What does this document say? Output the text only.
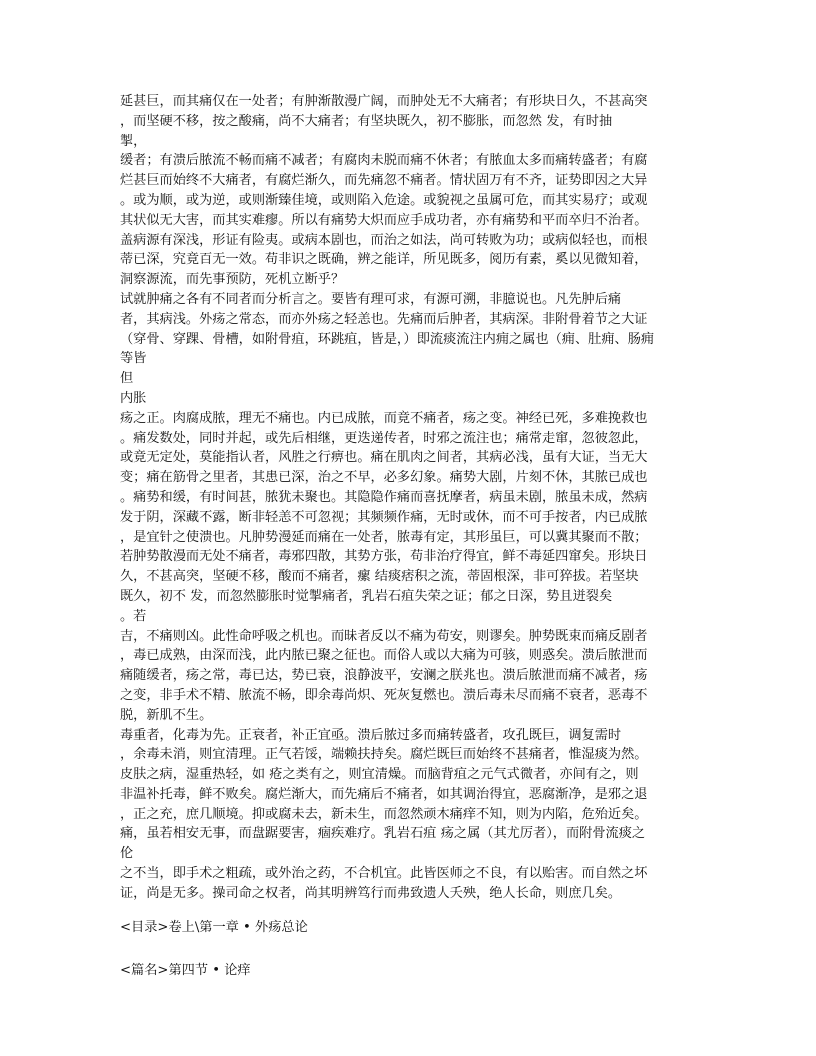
延甚巨，而其痛仅在一处者；有肿渐散漫广阔，而肿处无不大痛者；有形块日久，不甚高突
，而坚硬不移，按之酸痛，尚不大痛者；有坚块既久，初不膨胀，而忽然 发，有时抽
掣，
缓者；有溃后脓流不畅而痛不减者；有腐肉未脱而痛不休者；有脓血太多而痛转盛者；有腐
烂甚巨而始终不大痛者，有腐烂渐久，而先痛忽不痛者。情状固万有不齐，证势即因之大异
。或为顺，或为逆，或则渐臻佳境，或则陷入危途。或貌视之虽属可危，而其实易疗；或观
其状似无大害，而其实难瘳。所以有痛势大炽而应手成功者，亦有痛势和平而卒归不治者。
盖病源有深浅，形证有险夷。或病本剧也，而治之如法，尚可转败为功；或病似轻也，而根
蒂已深，究竟百无一效。苟非识之既确，辨之能详，所见既多，阅历有素，奚以见微知着，
洞察源流，而先事预防，死机立断乎？
试就肿痛之各有不同者而分析言之。要皆有理可求，有源可溯，非臆说也。凡先肿后痛
者，其病浅。外疡之常态，而亦外疡之轻恙也。先痛而后肿者，其病深。非附骨着节之大证
（穿骨、穿踝、骨槽，如附骨疽，环跳疽，皆是，）即流痰流注内痈之属也（痈、肚痈、肠痈
等皆
但
内胀
疡之正。肉腐成脓，理无不痛也。内已成脓，而竟不痛者，疡之变。神经已死，多难挽救也
。痛发数处，同时并起，或先后相继，更迭递传者，时邪之流注也；痛常走窜，忽彼忽此，
或竟无定处，莫能指认者，风胜之行痹也。痛在肌肉之间者，其病必浅，虽有大证，当无大
变；痛在筋骨之里者，其患已深，治之不早，必多幻象。痛势大剧，片刻不休，其脓已成也
。痛势和缓，有时间甚，脓犹未聚也。其隐隐作痛而喜抚摩者，病虽未剧，脓虽未成，然病
发于阴，深藏不露，断非轻恙不可忽视；其频频作痛，无时或休，而不可手按者，内已成脓
，是宜针之使溃也。凡肿势漫延而痛在一处者，脓毒有定，其形虽巨，可以冀其聚而不散；
若肿势散漫而无处不痛者，毒邪四散，其势方张，苟非治疗得宜，鲜不毒延四窜矣。形块日
久，不甚高突，坚硬不移，酸而不痛者，瘰 结痰痞积之流，蒂固根深，非可猝拔。若坚块
既久，初不 发，而忽然膨胀时觉掣痛者，乳岩石疽失荣之证；郁之日深，势且迸裂矣
。若
吉，不痛则凶。此性命呼吸之机也。而昧者反以不痛为苟安，则谬矣。肿势既束而痛反剧者
，毒已成熟，由深而浅，此内脓已聚之征也。而俗人或以大痛为可骇，则惑矣。溃后脓泄而
痛随缓者，疡之常，毒已达，势已衰，浪静波平，安澜之朕兆也。溃后脓泄而痛不减者，疡
之变，非手术不精、脓流不畅，即余毒尚炽、死灰复燃也。溃后毒未尽而痛不衰者，恶毒不
脱，新肌不生。
毒重者，化毒为先。正衰者，补正宜亟。溃后脓过多而痛转盛者，攻孔既巨，调复需时
，余毒未消，则宜清理。正气若馁，端赖扶持矣。腐烂既巨而始终不甚痛者，惟湿痰为然。
皮肤之病，湿重热轻，如 疮之类有之，则宜清燥。而脑背疽之元气式微者，亦间有之，则
非温补托毒，鲜不败矣。腐烂渐大，而先痛后不痛者，如其调治得宜，恶腐渐净，是邪之退
，正之充，庶几顺境。抑或腐未去，新未生，而忽然顽木痛痒不知，则为内陷，危殆近矣。
痛，虽若相安无事，而盘踞要害，痼疾难疗。乳岩石疽 疡之属（其尤厉者），而附骨流痰之
伦
之不当，即手术之粗疏，或外治之药，不合机宜。此皆医师之不良，有以贻害。而自然之坏
证，尚是无多。操司命之权者，尚其明辨笃行而弗致遗人夭殃，绝人长命，则庶几矣。
<目录>卷上\第一章 • 外疡总论
<篇名>第四节 • 论痒
